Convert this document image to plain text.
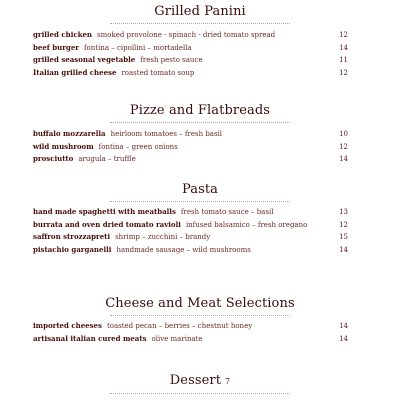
Grilled Panini
grilled chicken smoked provolone - spinach - dried tomato spread	12
beef burger fontina – cipollini – mortadella	14
grilled seasonal vegetable fresh pesto sauce	11
Italian grilled cheese roasted tomato soup	12
Pizze and Flatbreads
buffalo mozzarella heirloom tomatoes – fresh basil	10
wild mushroom fontina – green onions	12
prosciutto arugula – truffle	14
Pasta
hand made spaghetti with meatballs fresh tomato sauce – basil	13
burrata and oven dried tomato ravioli infused balsamico – fresh oregano	12
saffron strozzapreti shrimp – zucchini – brandy	15
pistachio garganelli handmade sausage – wild mushrooms	14
Cheese and Meat Selections
imported cheeses toasted pecan – berries – chestnut honey	14
artisanal italian cured meats olive marinate	14
Dessert 7
